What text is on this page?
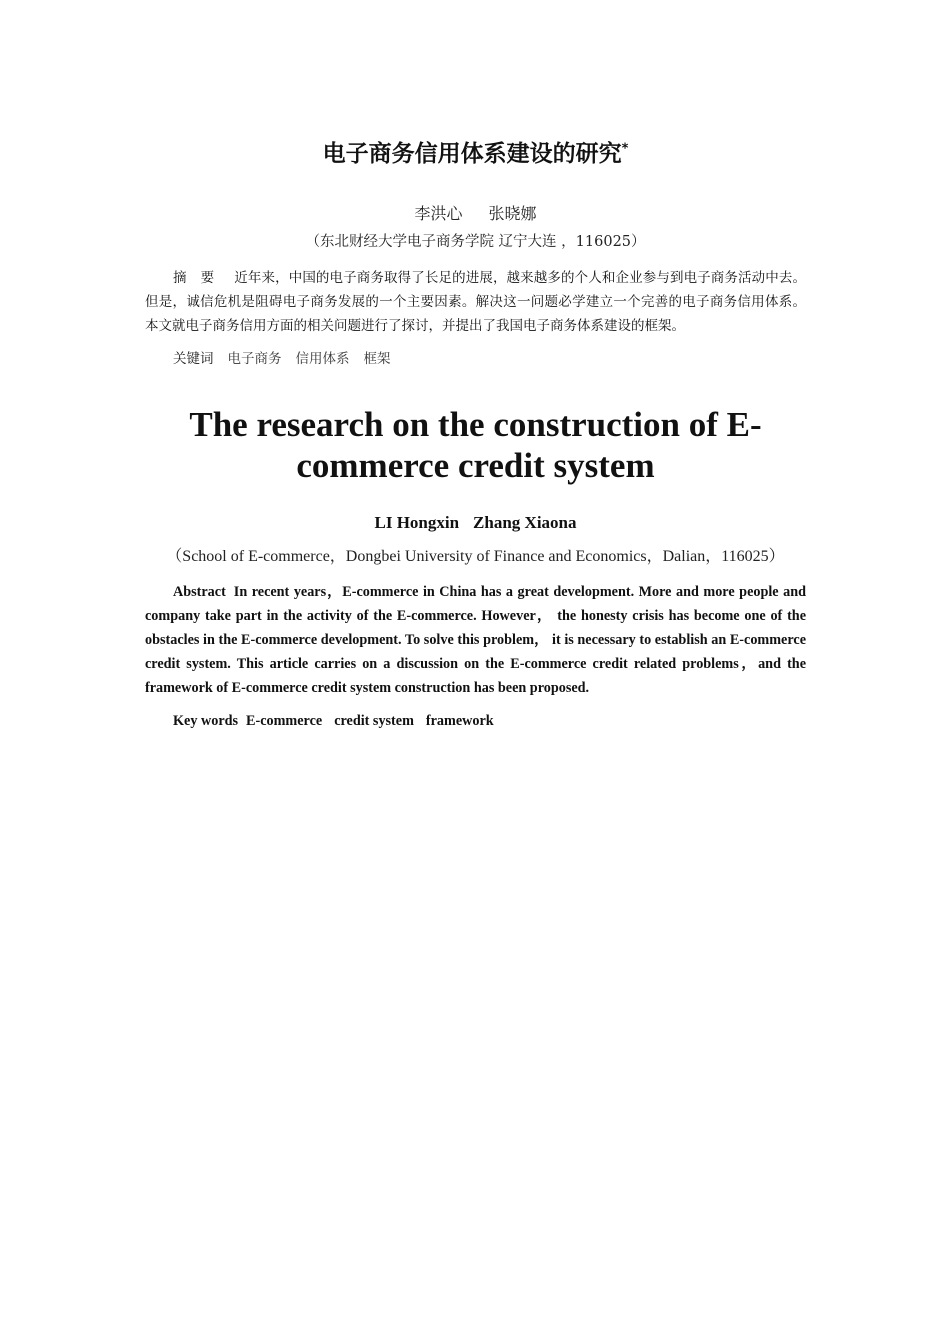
电子商务信用体系建设的研究*
李洪心 张晓娜
（东北财经大学电子商务学院 辽宁大连 ，116025）
摘要 近年来，中国的电子商务取得了长足的进展，越来越多的个人和企业参与到电子商务活动中去。但是，诚信危机是阻碍电子商务发展的一个主要因素。解决这一问题必学建立一个完善的电子商务信用体系。本文就电子商务信用方面的相关问题进行了探讨，并提出了我国电子商务体系建设的框架。
关键词 电子商务 信用体系 框架
The research on the construction of E-commerce credit system
LI Hongxin Zhang Xiaona
（School of E-commerce，Dongbei University of Finance and Economics，Dalian，116025）
Abstract In recent years，E-commerce in China has a great development. More and more people and company take part in the activity of the E-commerce. However， the honesty crisis has become one of the obstacles in the E-commerce development. To solve this problem， it is necessary to establish an E-commerce credit system. This article carries on a discussion on the E-commerce credit related problems，and the framework of E-commerce credit system construction has been proposed.
Key words E-commerce credit system framework
